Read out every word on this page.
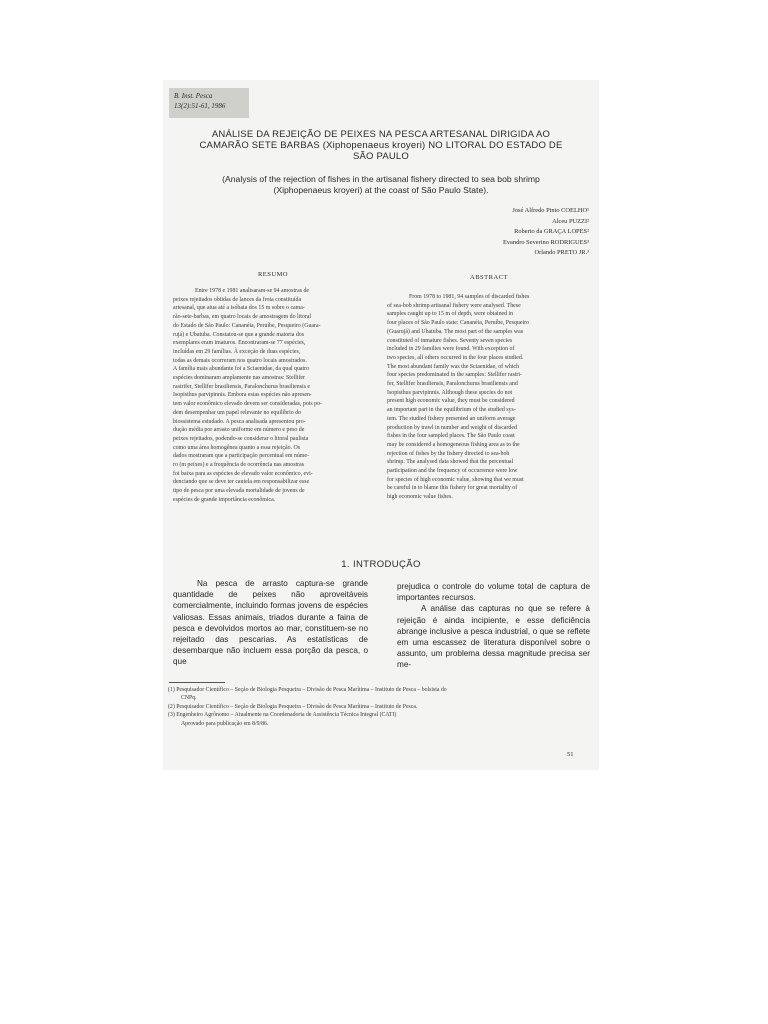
B. Inst. Pesca
13(2):51-61, 1986
ANÁLISE DA REJEIÇÃO DE PEIXES NA PESCA ARTESANAL DIRIGIDA AO
CAMARÃO SETE BARBAS (Xiphopenaeus kroyeri) NO LITORAL DO ESTADO DE
SÃO PAULO
(Analysis of the rejection of fishes in the artisanal fishery directed to sea bob shrimp
(Xiphopenaeus kroyeri) at the coast of São Paulo State).
José Alfredo Pinto COELHO¹
Alceu PUZZI²
Roberto da GRAÇA LOPES²
Evandro Severino RODRIGUES³
Orlando PRETO JR.³
RESUMO	ABSTRACT
Entre 1978 e 1981 analisaram-se 94 amostras de
peixes rejeitados obtidas de lances da frota constituída
artesanal, que atua até a isóbata dos 15 m sobre o cama-
rão-sete-barbas, em quatro locais de amostragem do litoral
do Estado de São Paulo: Cananéia, Peruíbe, Pesqueiro (Guara-
rujá) e Ubatuba. Constatou-se que a grande maioria dos
exemplares eram imaturos. Encontraram-se 77 espécies,
incluídas em 29 famílias. À exceção de duas espécies,
todas as demais ocorreram nos quatro locais amostrados.
A família mais abundante foi a Sciaenidae, da qual quatro
espécies dominaram amplamente nas amostras: Stellifer
rastrifer, Stellifer brasiliensis, Paralonchurus brasiliensis e
Isopisthus parvipinnis. Embora estas espécies não apresen-
tem valor econômico elevado devem ser consideradas, pois po-
dem desempenhar um papel relevante no equilíbrio do
biossistema estudado. A pesca analisada apresentou pro-
dução média por arrasto uniforme em número e peso de
peixes rejeitados, podendo-se considerar o litoral paulista
como uma área homogênea quanto a essa rejeição. Os
dados mostraram que a participação percentual em núme-
ro (m peixes) e a frequência de ocorrência nas amostras
foi baixa para as espécies de elevado valor econômico, evi-
denciando que se deve ter cautela em responsabilizar esse
tipo de pesca por uma elevada mortalidade de jovens de
espécies de grande importância econômica.
From 1978 to 1981, 94 samples of discarded fishes
of sea-bob shrimp artisanal fishery were analysed. These
samples caught up to 15 m of depth, were obtained in
four places of São Paulo state: Cananéia, Peruíbe, Pesqueiro
(Guarujá) and Ubatuba. The most part of the samples was
constituted of inmature fishes. Seventy seven species
included in 29 families were found. With exception of
two species, all others occurred in the four places studied.
The most abundant family was the Sciaenidae, of which
four species predominated in the samples: Stellifer rastri-
fer, Stellifer brasiliensis, Paralonchurus brasiliensis and
Isopisthus parvipinnis. Although these species do not
present high economic value, they must be considered
an important part in the equilibrium of the studied sys-
tem. The studied fishery presented an uniform average
production by trawl in number and weight of discarded
fishes in the four sampled places. The São Paulo coast
may be considered a homogeneous fishing area as to the
rejection of fishes by the fishery directed to sea-bob
shrimp. The analysed data showed that the percentual
participation and the frequency of occurrence were low
for species of high economic value, showing that we must
be careful in to blame this fishery for great mortality of
high economic value fishes.
1. INTRODUÇÃO

Na pesca de arrasto captura-se grande quantidade de peixes não aproveitáveis comercialmente, incluindo formas jovens de espécies valiosas. Essas animais, triados durante a faina de pesca e devolvidos mortos ao mar, constituem-se no rejeitado das pescarias. As estatísticas de desembarque não incluem essa porção da pesca, o que

prejudica o controle do volume total de captura de importantes recursos.

A análise das capturas no que se refere à rejeição é ainda incipiente, e esse deficiência abrange inclusive a pesca industrial, o que se reflete em uma escassez de literatura disponível sobre o assunto, um problema dessa magnitude precisa ser me-

(1) Pesquisador Científico – Seção de Biologia Pesqueira – Divisão de Pesca Marítima – Instituto de Pesca – bolsista do
CNPq.
(2) Pesquisador Científico – Seção de Biologia Pesqueira – Divisão de Pesca Marítima – Instituto de Pesca.
(3) Engenheiro Agrônomo – Atualmente na Coordenadoria de Assistência Técnica Integral (CATI)
Aprovado para publicação em 8/9/86.
51
